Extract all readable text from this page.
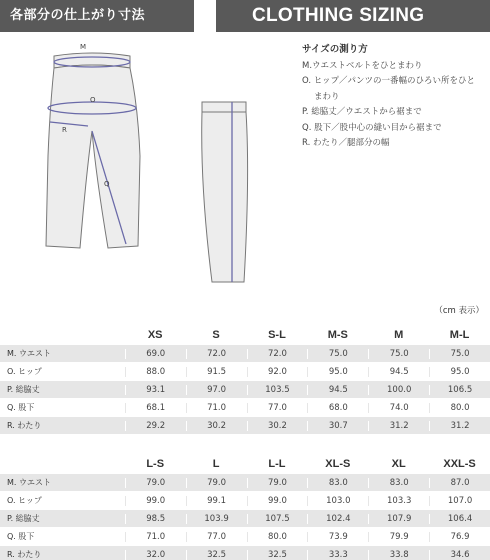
各部分の仕上がり寸法	CLOTHING SIZING
M
O
R
Q
サイズの測り方
M.ウエストベルトをひとまわり
O. ヒップ／パンツの一番幅のひろい所をひと
まわり
P. 総脇丈／ウエストから裾まで
Q. 股下／股中心の縫い目から裾まで
R. わたり／腿部分の幅
（cm 表示）
XS	S	S-L	M-S	M	M-L
M. ウエスト	69.0	72.0	72.0	75.0	75.0	75.0
O. ヒップ	88.0	91.5	92.0	95.0	94.5	95.0
P. 総脇丈	93.1	97.0	103.5	94.5	100.0	106.5
Q. 股下	68.1	71.0	77.0	68.0	74.0	80.0
R. わたり	29.2	30.2	30.2	30.7	31.2	31.2
L-S	L	L-L	XL-S	XL	XXL-S
M. ウエスト	79.0	79.0	79.0	83.0	83.0	87.0
O. ヒップ	99.0	99.1	99.0	103.0	103.3	107.0
P. 総脇丈	98.5	103.9	107.5	102.4	107.9	106.4
Q. 股下	71.0	77.0	80.0	73.9	79.9	76.9
R. わたり	32.0	32.5	32.5	33.3	33.8	34.6
